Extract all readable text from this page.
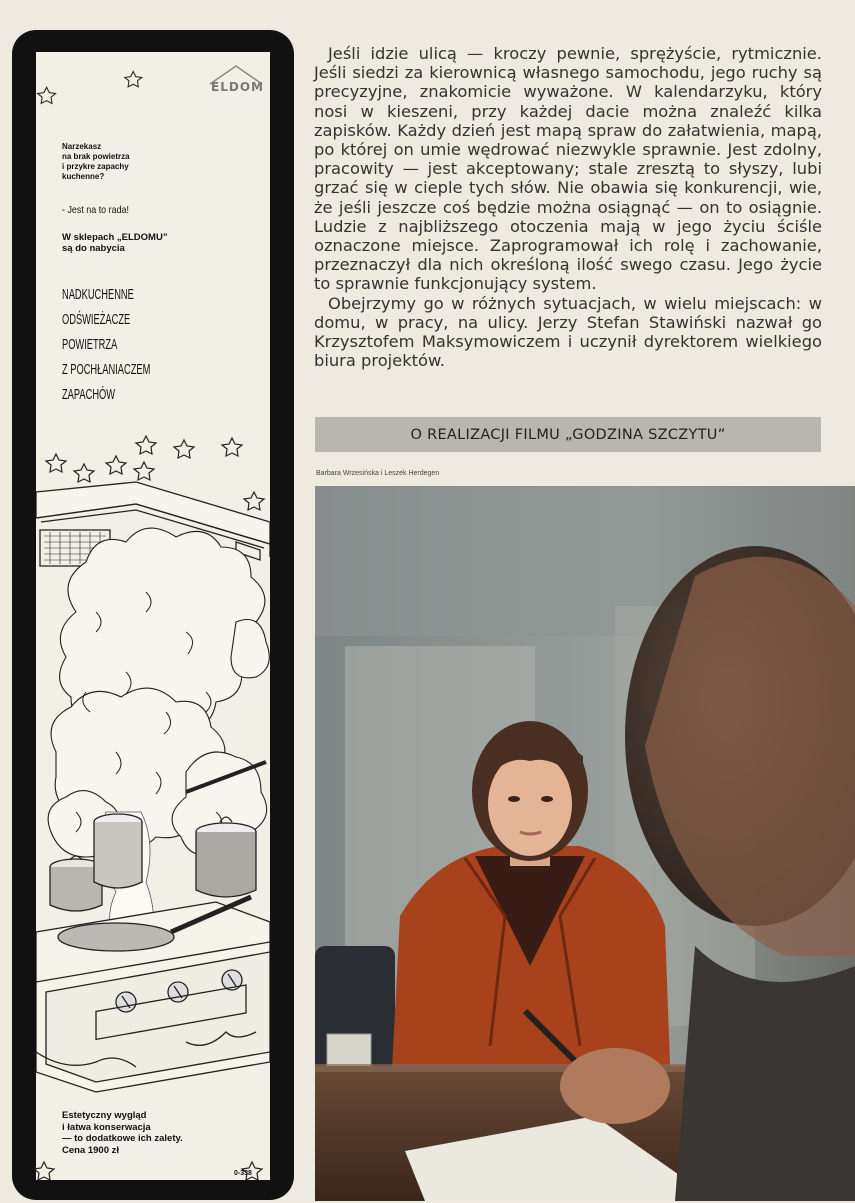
ELDOM
Narzekasz
na brak powietrza
i przykre zapachy
kuchenne?
- Jest na to rada!
W sklepach „ELDOMU”
są do nabycia
NADKUCHENNE
ODŚWIEŻACZE
POWIETRZA
Z POCHŁANIACZEM
ZAPACHÓW
Estetyczny wygląd
i łatwa konserwacja
— to dodatkowe ich zalety.
Cena 1900 zł
0-338

Jeśli idzie ulicą — kroczy pewnie, sprężyście, rytmicznie. Jeśli siedzi za kierownicą własnego samochodu, jego ruchy są precyzyjne, znakomicie wyważone. W kalendarzyku, który nosi w kieszeni, przy każdej dacie można znaleźć kilka zapisków. Każdy dzień jest mapą spraw do załatwienia, mapą, po której on umie wędrować niezwykle sprawnie. Jest zdolny, pracowity — jest akceptowany; stale zresztą to słyszy, lubi grzać się w cieple tych słów. Nie obawia się konkurencji, wie, że jeśli jeszcze coś będzie można osiągnąć — on to osiągnie. Ludzie z najbliższego otoczenia mają w jego życiu ściśle oznaczone miejsce. Zaprogramował ich rolę i zachowanie, przeznaczył dla nich określoną ilość swego czasu. Jego życie to sprawnie funkcjonujący system.

Obejrzymy go w różnych sytuacjach, w wielu miejscach: w domu, w pracy, na ulicy. Jerzy Stefan Stawiński nazwał go Krzysztofem Maksymowiczem i uczynił dyrektorem wielkiego biura projektów.

O REALIZACJI FILMU „GODZINA SZCZYTU”
Barbara Wrzesińska i Leszek Herdegen
